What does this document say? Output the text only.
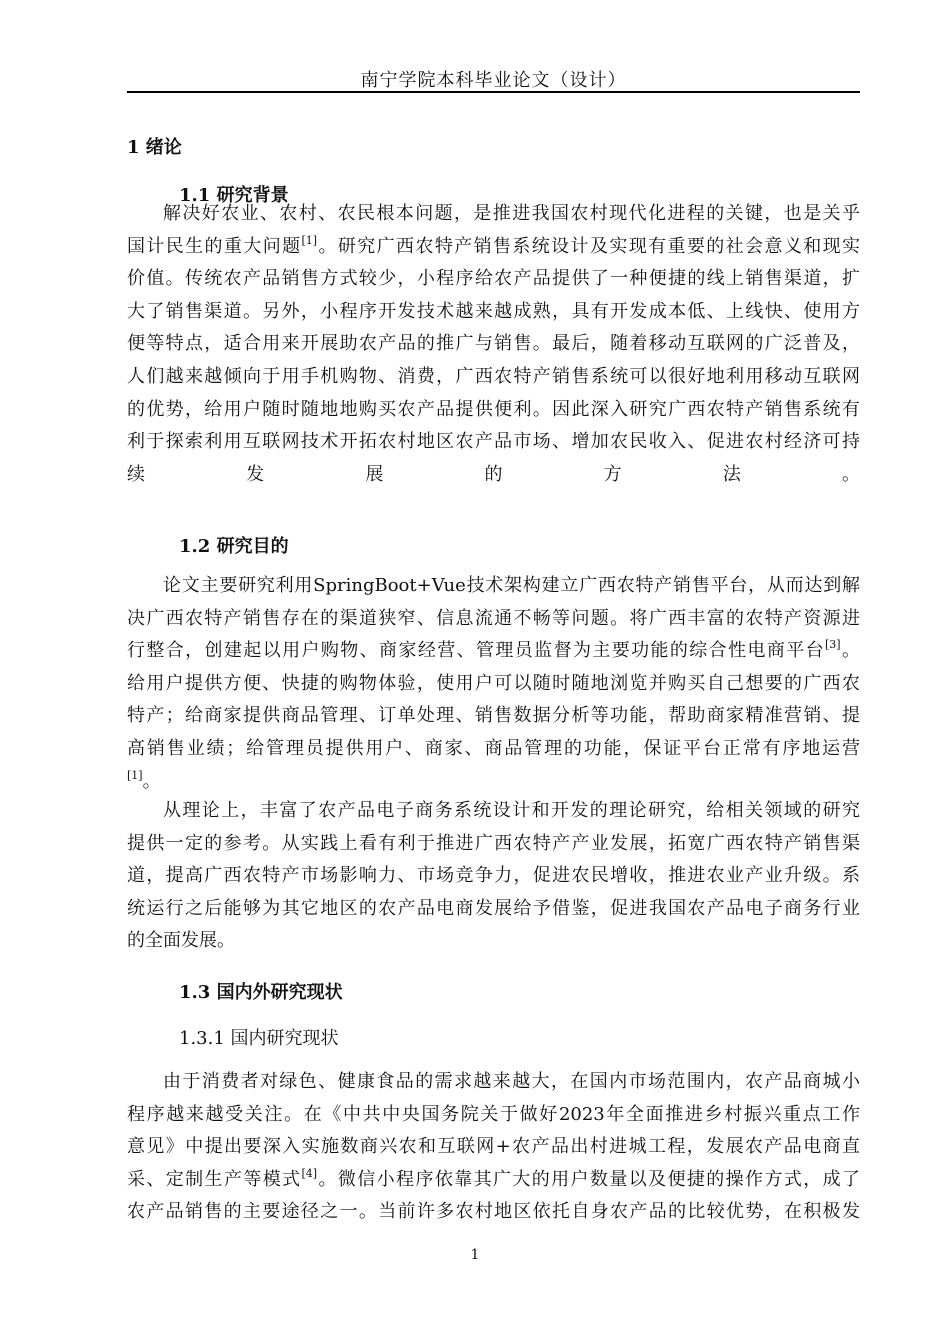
南宁学院本科毕业论文（设计）
1 绪论
1.1 研究背景
解决好农业、农村、农民根本问题，是推进我国农村现代化进程的关键，也是关乎
国计民生的重大问题[1]。研究广西农特产销售系统设计及实现有重要的社会意义和现实
价值。传统农产品销售方式较少，小程序给农产品提供了一种便捷的线上销售渠道，扩
大了销售渠道。另外，小程序开发技术越来越成熟，具有开发成本低、上线快、使用方
便等特点，适合用来开展助农产品的推广与销售。最后，随着移动互联网的广泛普及，
人们越来越倾向于用手机购物、消费，广西农特产销售系统可以很好地利用移动互联网
的优势，给用户随时随地地购买农产品提供便利。因此深入研究广西农特产销售系统有
利于探索利用互联网技术开拓农村地区农产品市场、增加农民收入、促进农村经济可持
续发展的方法。
1.2 研究目的
论文主要研究利用SpringBoot+Vue技术架构建立广西农特产销售平台，从而达到解
决广西农特产销售存在的渠道狭窄、信息流通不畅等问题。将广西丰富的农特产资源进
行整合，创建起以用户购物、商家经营、管理员监督为主要功能的综合性电商平台[3]。
给用户提供方便、快捷的购物体验，使用户可以随时随地浏览并购买自己想要的广西农
特产；给商家提供商品管理、订单处理、销售数据分析等功能，帮助商家精准营销、提
高销售业绩；给管理员提供用户、商家、商品管理的功能，保证平台正常有序地运营
[1]。
从理论上，丰富了农产品电子商务系统设计和开发的理论研究，给相关领域的研究
提供一定的参考。从实践上看有利于推进广西农特产产业发展，拓宽广西农特产销售渠
道，提高广西农特产市场影响力、市场竞争力，促进农民增收，推进农业产业升级。系
统运行之后能够为其它地区的农产品电商发展给予借鉴，促进我国农产品电子商务行业
的全面发展。
1.3 国内外研究现状
1.3.1 国内研究现状
由于消费者对绿色、健康食品的需求越来越大，在国内市场范围内，农产品商城小
程序越来越受关注。在《中共中央国务院关于做好2023年全面推进乡村振兴重点工作
意见》中提出要深入实施数商兴农和互联网+农产品出村进城工程，发展农产品电商直
采、定制生产等模式[4]。微信小程序依靠其广大的用户数量以及便捷的操作方式，成了
农产品销售的主要途径之一。当前许多农村地区依托自身农产品的比较优势，在积极发
1
